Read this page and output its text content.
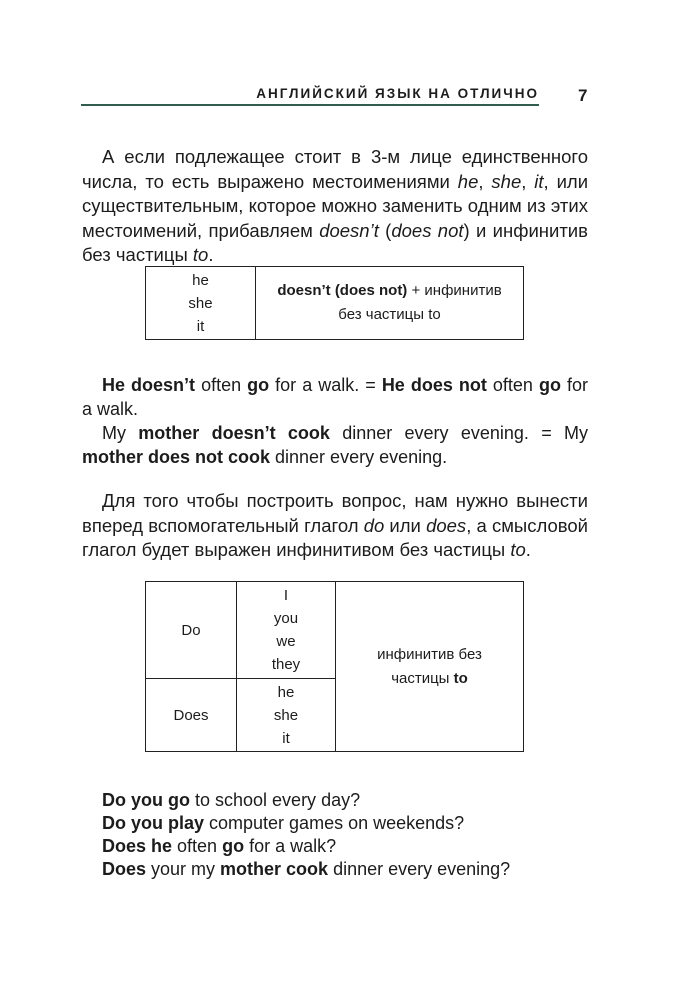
АНГЛИЙСКИЙ ЯЗЫК НА ОТЛИЧНО 7
А если подлежащее стоит в 3-м лице единственного
числа, то есть выражено местоимениями he, she, it, или
существительным, которое можно заменить одним из этих
местоимений, прибавляем doesn’t (does not) и инфинитив
без частицы to.
he
she
it
	doesn’t (does not) + инфинитив
без частицы to
He doesn’t often go for a walk. = He does not often go for
a walk.
My mother doesn’t cook dinner every evening. = My
mother does not cook dinner every evening.
Для того чтобы построить вопрос, нам нужно вынести
вперед вспомогательный глагол do или does, а смысловой
глагол будет выражен инфинитивом без частицы to.
Do	I
you
we
they	инфинитив без
частицы to
Does	he
she
it	
Do you go to school every day?
Do you play computer games on weekends?
Does he often go for a walk?
Does your my mother cook dinner every evening?
